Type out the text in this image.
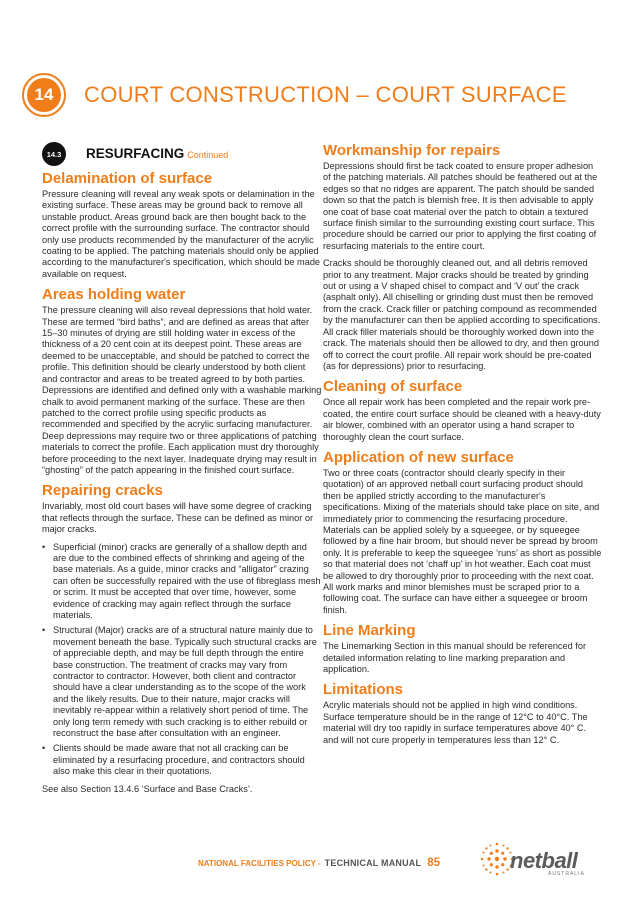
14	COURT CONSTRUCTION – COURT SURFACE
14.3	RESURFACING Continued
Delamination of surface

Pressure cleaning will reveal any weak spots or delamination in the existing surface. These areas may be ground back to remove all unstable product. Areas ground back are then bought back to the correct profile with the surrounding surface. The contractor should only use products recommended by the manufacturer of the acrylic coating to be applied. The patching materials should only be applied according to the manufacturer's specification, which should be made available on request.

Areas holding water

The pressure cleaning will also reveal depressions that hold water. These are termed “bird baths”, and are defined as areas that after 15–30 minutes of drying are still holding water in excess of the thickness of a 20 cent coin at its deepest point. These areas are deemed to be unacceptable, and should be patched to correct the profile. This definition should be clearly understood by both client and contractor and areas to be treated agreed to by both parties. Depressions are identified and defined only with a washable marking chalk to avoid permanent marking of the surface. These are then patched to the correct profile using specific products as recommended and specified by the acrylic surfacing manufacturer. Deep depressions may require two or three applications of patching materials to correct the profile. Each application must dry thoroughly before proceeding to the next layer. Inadequate drying may result in “ghosting” of the patch appearing in the finished court surface.

Repairing cracks

Invariably, most old court bases will have some degree of cracking that reflects through the surface. These can be defined as minor or major cracks.

• Superficial (minor) cracks are generally of a shallow depth and are due to the combined effects of shrinking and ageing of the base materials. As a guide, minor cracks and “alligator” crazing can often be successfully repaired with the use of fibreglass mesh or scrim. It must be accepted that over time, however, some evidence of cracking may again reflect through the surface materials.
• Structural (Major) cracks are of a structural nature mainly due to movement beneath the base. Typically such structural cracks are of appreciable depth, and may be full depth through the entire base construction. The treatment of cracks may vary from contractor to contractor. However, both client and contractor should have a clear understanding as to the scope of the work and the likely results. Due to their nature, major cracks will inevitably re-appear within a relatively short period of time. The only long term remedy with such cracking is to either rebuild or reconstruct the base after consultation with an engineer.
• Clients should be made aware that not all cracking can be eliminated by a resurfacing procedure, and contractors should also make this clear in their quotations.

See also Section 13.4.6 ‘Surface and Base Cracks’.

Workmanship for repairs

Depressions should first be tack coated to ensure proper adhesion of the patching materials. All patches should be feathered out at the edges so that no ridges are apparent. The patch should be sanded down so that the patch is blemish free. It is then advisable to apply one coat of base coat material over the patch to obtain a textured surface finish similar to the surrounding existing court surface. This procedure should be carried our prior to applying the first coating of resurfacing materials to the entire court.

Cracks should be thoroughly cleaned out, and all debris removed prior to any treatment. Major cracks should be treated by grinding out or using a V shaped chisel to compact and ‘V out’ the crack (asphalt only). All chiselling or grinding dust must then be removed from the crack. Crack filler or patching compound as recommended by the manufacturer can then be applied according to specifications. All crack filler materials should be thoroughly worked down into the crack. The materials should then be allowed to dry, and then ground off to correct the court profile. All repair work should be pre-coated (as for depressions) prior to resurfacing.

Cleaning of surface

Once all repair work has been completed and the repair work pre-coated, the entire court surface should be cleaned with a heavy-duty air blower, combined with an operator using a hand scraper to thoroughly clean the court surface.

Application of new surface

Two or three coats (contractor should clearly specify in their quotation) of an approved netball court surfacing product should then be applied strictly according to the manufacturer's specifications. Mixing of the materials should take place on site, and immediately prior to commencing the resurfacing procedure. Materials can be applied solely by a squeegee, or by squeegee followed by a fine hair broom, but should never be spread by broom only. It is preferable to keep the squeegee ‘runs’ as short as possible so that material does not ‘chaff up’ in hot weather. Each coat must be allowed to dry thoroughly prior to proceeding with the next coat. All work marks and minor blemishes must be scraped prior to a following coat. The surface can have either a squeegee or broom finish.

Line Marking

The Linemarking Section in this manual should be referenced for detailed information relating to line marking preparation and application.

Limitations

Acrylic materials should not be applied in high wind conditions. Surface temperature should be in the range of 12°C to 40°C. The material will dry too rapidly in surface temperatures above 40° C. and will not cure properly in temperatures less than 12° C.

NATIONAL FACILITIES POLICY - TECHNICAL MANUAL 85	netball
AUSTRALIA
